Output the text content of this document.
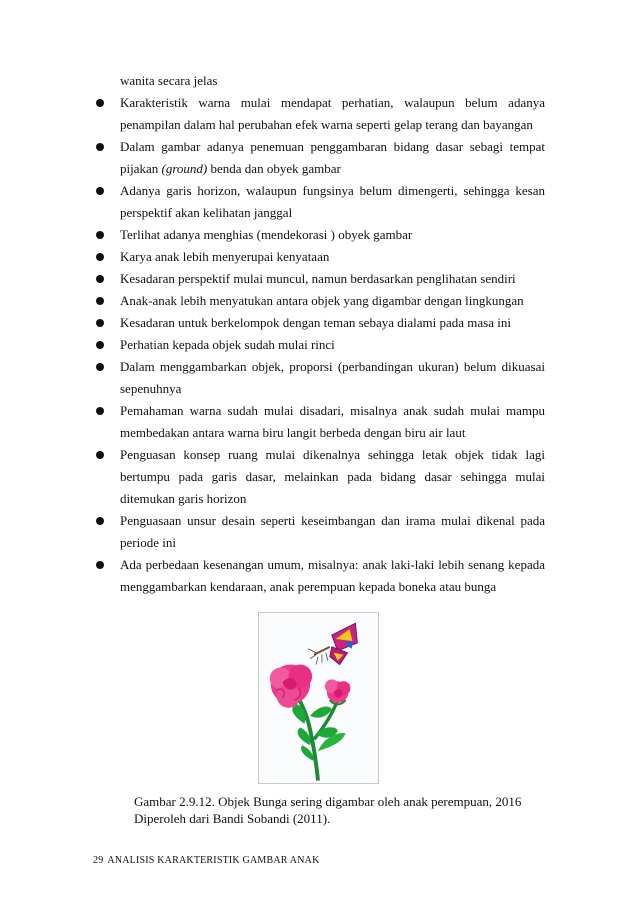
wanita secara jelas

Karakteristik warna mulai mendapat perhatian, walaupun belum adanya penampilan dalam hal perubahan efek warna seperti gelap terang dan bayangan
Dalam gambar adanya penemuan penggambaran bidang dasar sebagi tempat pijakan (ground) benda dan obyek gambar
Adanya garis horizon, walaupun fungsinya belum dimengerti, sehingga kesan perspektif akan kelihatan janggal
Terlihat adanya menghias (mendekorasi ) obyek gambar
Karya anak lebih menyerupai kenyataan
Kesadaran perspektif mulai muncul, namun berdasarkan penglihatan sendiri
Anak-anak lebih menyatukan antara objek yang digambar dengan lingkungan
Kesadaran untuk berkelompok dengan teman sebaya dialami pada masa ini
Perhatian kepada objek sudah mulai rinci
Dalam menggambarkan objek, proporsi (perbandingan ukuran) belum dikuasai sepenuhnya
Pemahaman warna sudah mulai disadari, misalnya anak sudah mulai mampu membedakan antara warna biru langit berbeda dengan biru air laut
Penguasan konsep ruang mulai dikenalnya sehingga letak objek tidak lagi bertumpu pada garis dasar, melainkan pada bidang dasar sehingga mulai ditemukan garis horizon
Penguasaan unsur desain seperti keseimbangan dan irama mulai dikenal pada periode ini
Ada perbedaan kesenangan umum, misalnya: anak laki-laki lebih senang kepada menggambarkan kendaraan, anak perempuan kepada boneka atau bunga
Gambar 2.9.12. Objek Bunga sering digambar oleh anak perempuan, 2016
Diperoleh dari Bandi Sobandi (2011).
29 ANALISIS KARAKTERISTIK GAMBAR ANAK
